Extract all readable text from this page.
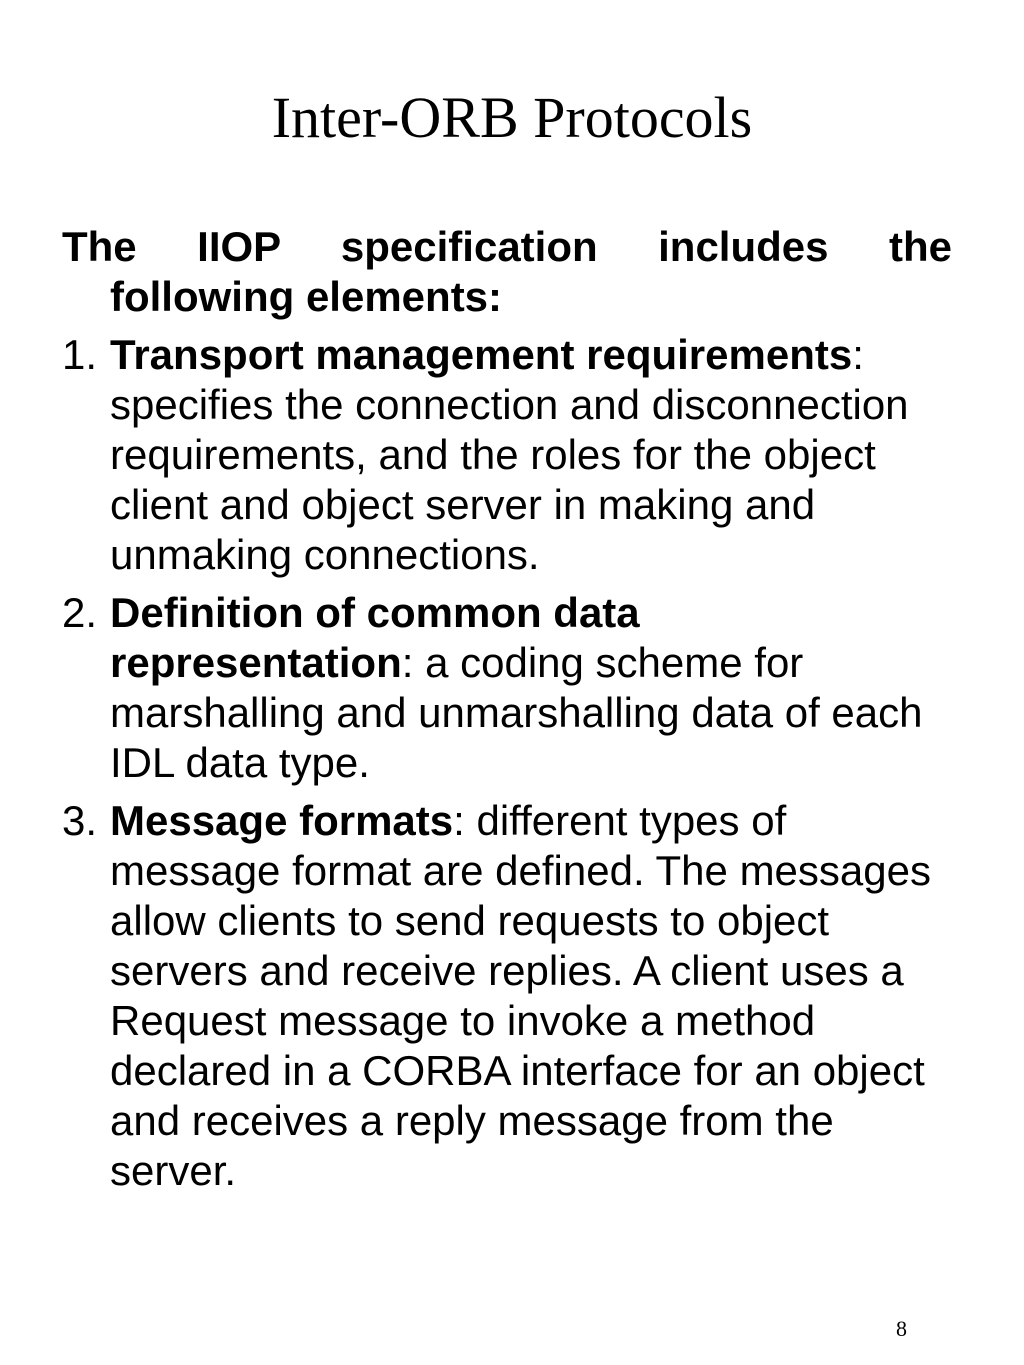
Inter-ORB Protocols

The IIOP specification includes the following elements:

1. Transport management requirements: specifies the connection and disconnection requirements, and the roles for the object client and object server in making and unmaking connections.

2. Definition of common data representation: a coding scheme for marshalling and unmarshalling data of each IDL data type.

3. Message formats: different types of message format are defined. The messages allow clients to send requests to object servers and receive replies. A client uses a Request message to invoke a method declared in a CORBA interface for an object and receives a reply message from the server.

8
